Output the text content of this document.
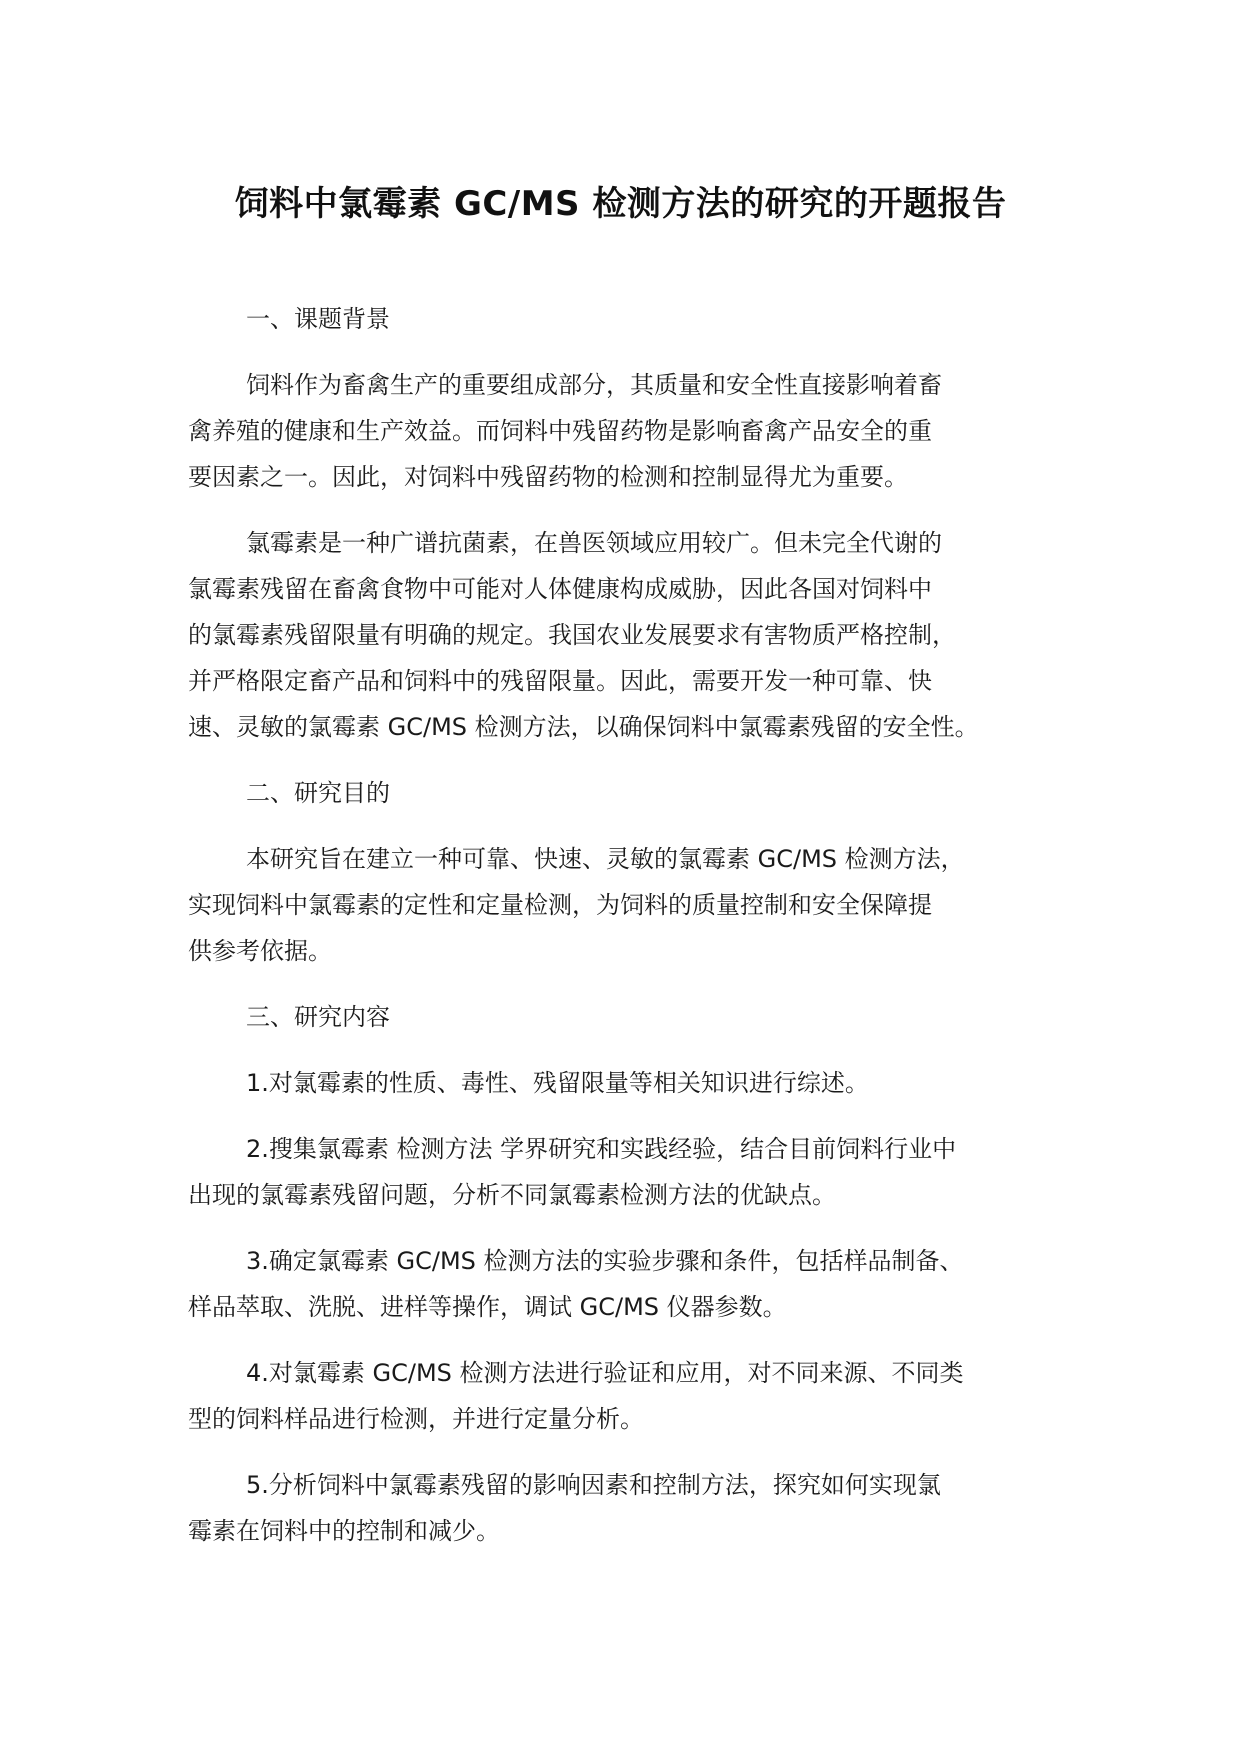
饲料中氯霉素 GC/MS 检测方法的研究的开题报告

一、课题背景

饲料作为畜禽生产的重要组成部分，其质量和安全性直接影响着畜
禽养殖的健康和生产效益。而饲料中残留药物是影响畜禽产品安全的重
要因素之一。因此，对饲料中残留药物的检测和控制显得尤为重要。

氯霉素是一种广谱抗菌素，在兽医领域应用较广。但未完全代谢的
氯霉素残留在畜禽食物中可能对人体健康构成威胁，因此各国对饲料中
的氯霉素残留限量有明确的规定。我国农业发展要求有害物质严格控制，
并严格限定畜产品和饲料中的残留限量。因此，需要开发一种可靠、快
速、灵敏的氯霉素 GC/MS 检测方法，以确保饲料中氯霉素残留的安全性。

二、研究目的

本研究旨在建立一种可靠、快速、灵敏的氯霉素 GC/MS 检测方法，
实现饲料中氯霉素的定性和定量检测，为饲料的质量控制和安全保障提
供参考依据。

三、研究内容

1.对氯霉素的性质、毒性、残留限量等相关知识进行综述。

2.搜集氯霉素 检测方法 学界研究和实践经验，结合目前饲料行业中
出现的氯霉素残留问题，分析不同氯霉素检测方法的优缺点。

3.确定氯霉素 GC/MS 检测方法的实验步骤和条件，包括样品制备、
样品萃取、洗脱、进样等操作，调试 GC/MS 仪器参数。

4.对氯霉素 GC/MS 检测方法进行验证和应用，对不同来源、不同类
型的饲料样品进行检测，并进行定量分析。

5.分析饲料中氯霉素残留的影响因素和控制方法，探究如何实现氯
霉素在饲料中的控制和减少。
